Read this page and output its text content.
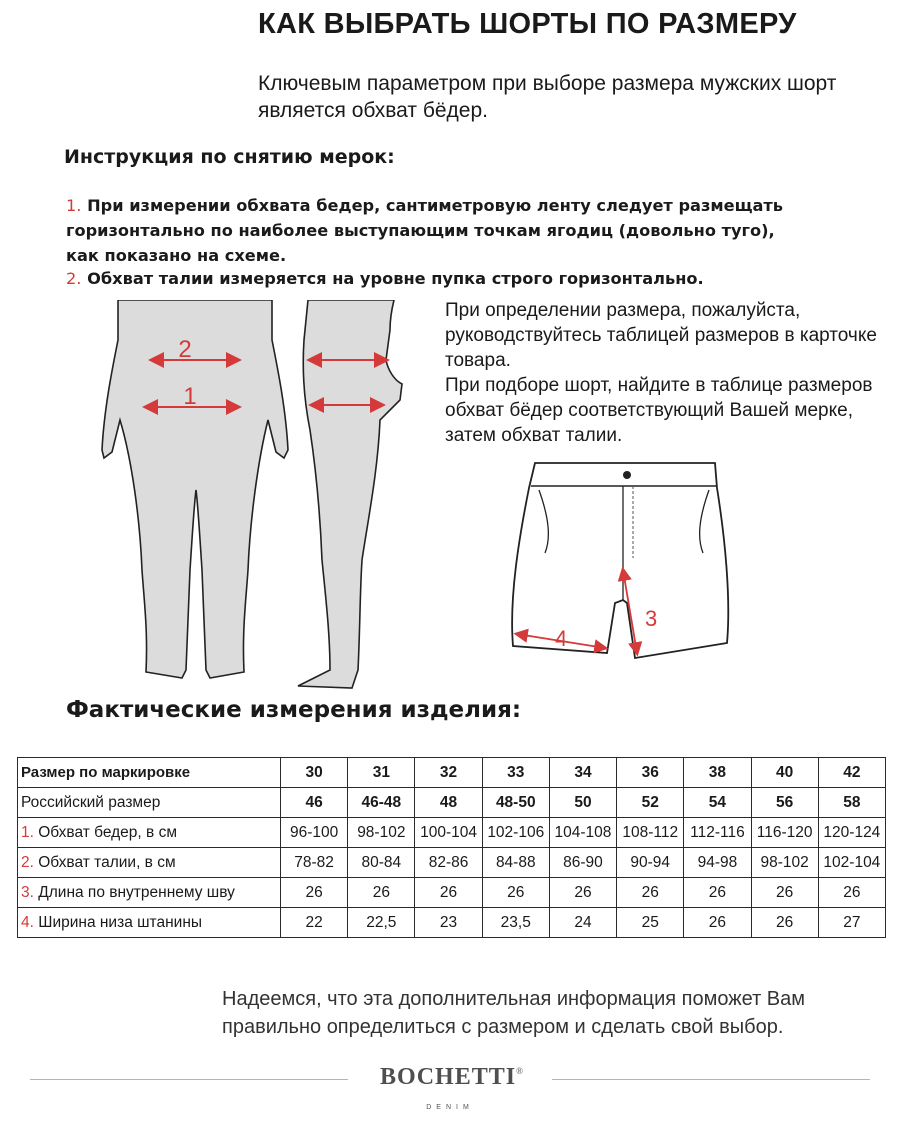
КАК ВЫБРАТЬ ШОРТЫ ПО РАЗМЕРУ
Ключевым параметром при выборе размера мужских шорт является обхват бёдер.
Инструкция по снятию мерок:
1. При измерении обхвата бедер, сантиметровую ленту следует размещать
горизонтально по наиболее выступающим точкам ягодиц (довольно туго),
как показано на схеме.
2. Обхват талии измеряется на уровне пупка строго горизонтально.
2
1
При определении размера, пожалуйста, руководствуйтесь таблицей размеров в карточке товара.
При подборе шорт, найдите в таблице размеров обхват бёдер соответствующий Вашей мерке, затем обхват талии.
3
4
Фактические измерения изделия:
Размер по маркировке	30	31	32	33	34	36	38	40	42
Российский размер	46	46-48	48	48-50	50	52	54	56	58
1. Обхват бедер, в см	96-100	98-102	100-104	102-106	104-108	108-112	112-116	116-120	120-124
2. Обхват талии, в см	78-82	80-84	82-86	84-88	86-90	90-94	94-98	98-102	102-104
3. Длина по внутреннему шву	26	26	26	26	26	26	26	26	26
4. Ширина низа штанины	22	22,5	23	23,5	24	25	26	26	27
Надеемся, что эта дополнительная информация поможет Вам правильно определиться с размером и сделать свой выбор.
BOCHETTI®
DENIM
